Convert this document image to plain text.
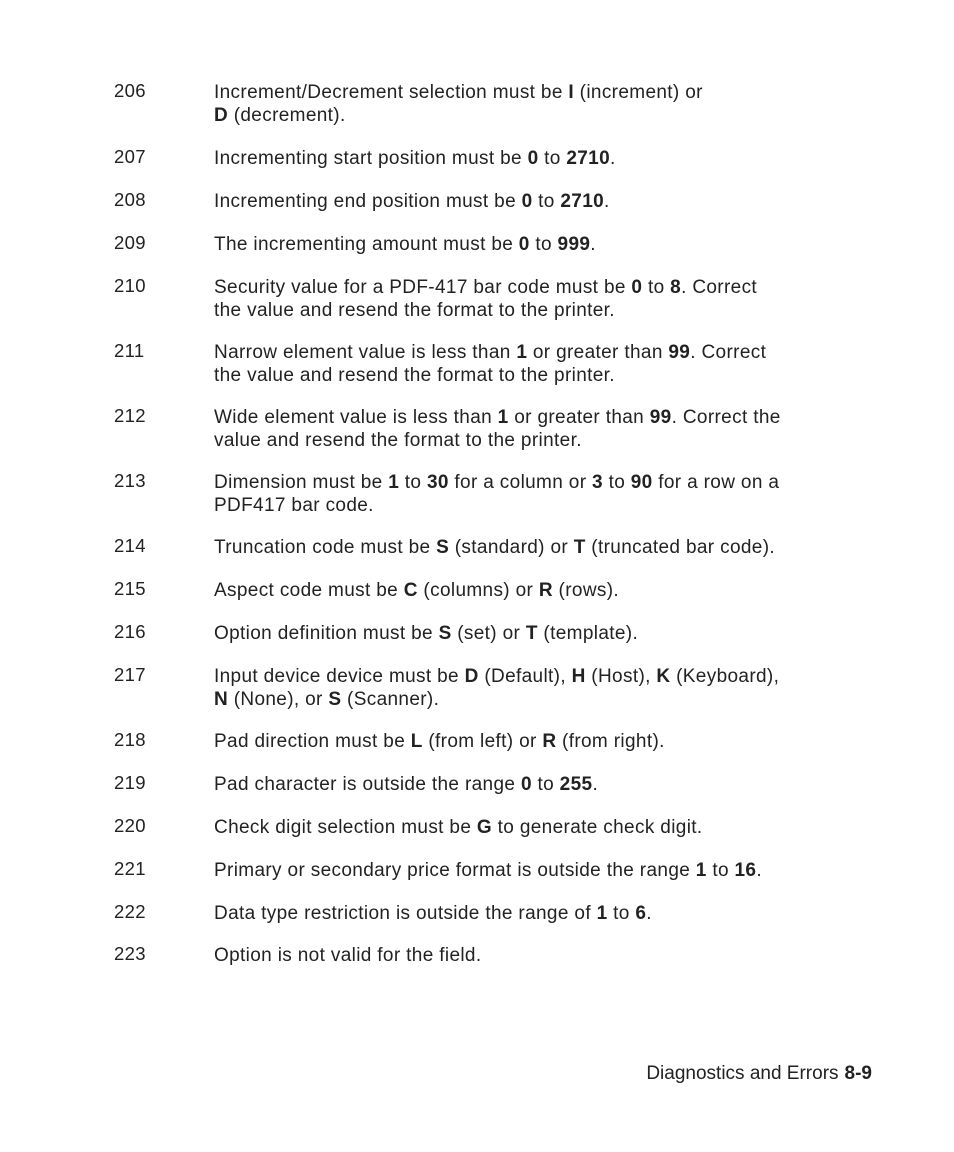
206	Increment/Decrement selection must be I (increment) or
D (decrement).
207	Incrementing start position must be 0 to 2710.
208	Incrementing end position must be 0 to 2710.
209	The incrementing amount must be 0 to 999.
210	Security value for a PDF-417 bar code must be 0 to 8. Correct
the value and resend the format to the printer.
211	Narrow element value is less than 1 or greater than 99. Correct
the value and resend the format to the printer.
212	Wide element value is less than 1 or greater than 99. Correct the
value and resend the format to the printer.
213	Dimension must be 1 to 30 for a column or 3 to 90 for a row on a
PDF417 bar code.
214	Truncation code must be S (standard) or T (truncated bar code).
215	Aspect code must be C (columns) or R (rows).
216	Option definition must be S (set) or T (template).
217	Input device device must be D (Default), H (Host), K (Keyboard),
N (None), or S (Scanner).
218	Pad direction must be L (from left) or R (from right).
219	Pad character is outside the range 0 to 255.
220	Check digit selection must be G to generate check digit.
221	Primary or secondary price format is outside the range 1 to 16.
222	Data type restriction is outside the range of 1 to 6.
223	Option is not valid for the field.
Diagnostics and Errors 8-9
